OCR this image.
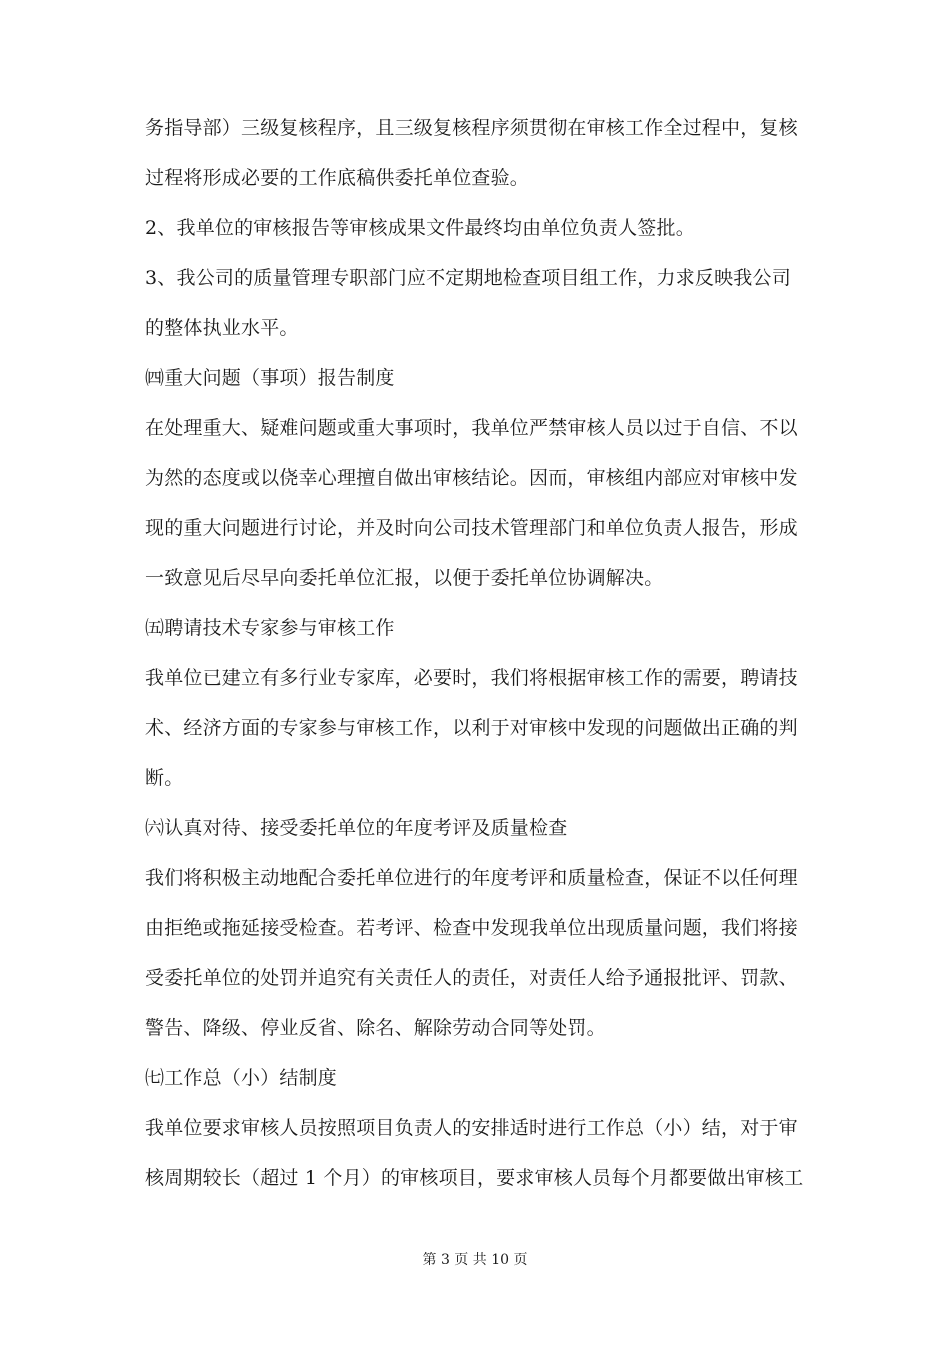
务指导部）三级复核程序，且三级复核程序须贯彻在审核工作全过程中，复核
过程将形成必要的工作底稿供委托单位查验。
2、我单位的审核报告等审核成果文件最终均由单位负责人签批。
3、我公司的质量管理专职部门应不定期地检查项目组工作，力求反映我公司
的整体执业水平。
㈣重大问题（事项）报告制度
在处理重大、疑难问题或重大事项时，我单位严禁审核人员以过于自信、不以
为然的态度或以侥幸心理擅自做出审核结论。因而，审核组内部应对审核中发
现的重大问题进行讨论，并及时向公司技术管理部门和单位负责人报告，形成
一致意见后尽早向委托单位汇报，以便于委托单位协调解决。
㈤聘请技术专家参与审核工作
我单位已建立有多行业专家库，必要时，我们将根据审核工作的需要，聘请技
术、经济方面的专家参与审核工作，以利于对审核中发现的问题做出正确的判
断。
㈥认真对待、接受委托单位的年度考评及质量检查
我们将积极主动地配合委托单位进行的年度考评和质量检查，保证不以任何理
由拒绝或拖延接受检查。若考评、检查中发现我单位出现质量问题，我们将接
受委托单位的处罚并追究有关责任人的责任，对责任人给予通报批评、罚款、
警告、降级、停业反省、除名、解除劳动合同等处罚。
㈦工作总（小）结制度
我单位要求审核人员按照项目负责人的安排适时进行工作总（小）结，对于审
核周期较长（超过 1 个月）的审核项目，要求审核人员每个月都要做出审核工
第 3 页 共 10 页
